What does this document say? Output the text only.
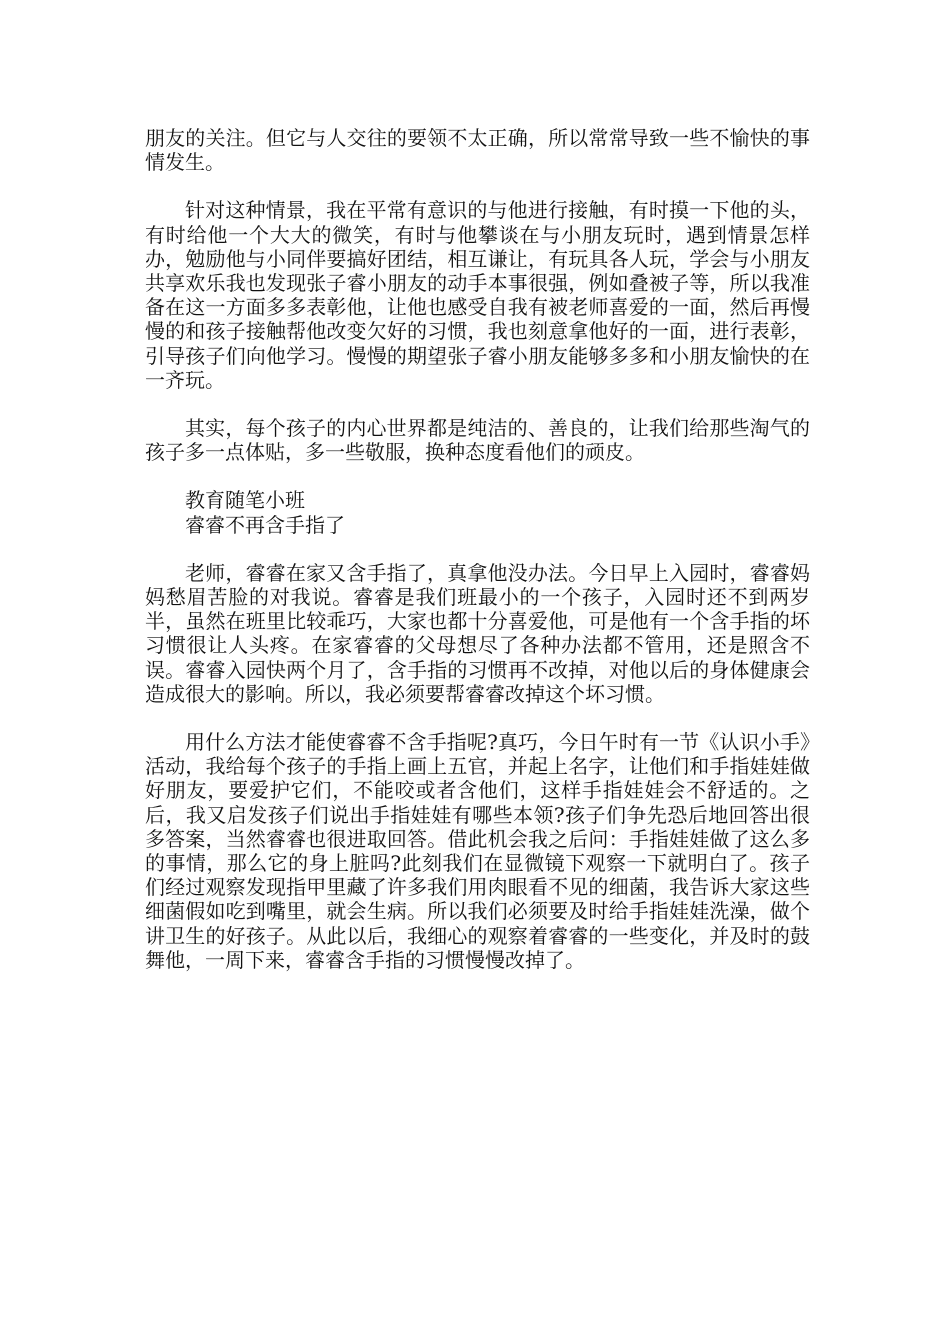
朋友的关注。但它与人交往的要领不太正确，所以常常导致一些不愉快的事情发生。

针对这种情景，我在平常有意识的与他进行接触，有时摸一下他的头，有时给他一个大大的微笑，有时与他攀谈在与小朋友玩时，遇到情景怎样办，勉励他与小同伴要搞好团结，相互谦让，有玩具各人玩，学会与小朋友共享欢乐我也发现张子睿小朋友的动手本事很强，例如叠被子等，所以我准备在这一方面多多表彰他，让他也感受自我有被老师喜爱的一面，然后再慢慢的和孩子接触帮他改变欠好的习惯，我也刻意拿他好的一面，进行表彰，引导孩子们向他学习。慢慢的期望张子睿小朋友能够多多和小朋友愉快的在一齐玩。

其实，每个孩子的内心世界都是纯洁的、善良的，让我们给那些淘气的孩子多一点体贴，多一些敬服，换种态度看他们的顽皮。

教育随笔小班

睿睿不再含手指了

老师，睿睿在家又含手指了，真拿他没办法。今日早上入园时，睿睿妈妈愁眉苦脸的对我说。睿睿是我们班最小的一个孩子，入园时还不到两岁半，虽然在班里比较乖巧，大家也都十分喜爱他，可是他有一个含手指的坏习惯很让人头疼。在家睿睿的父母想尽了各种办法都不管用，还是照含不误。睿睿入园快两个月了，含手指的习惯再不改掉，对他以后的身体健康会造成很大的影响。所以，我必须要帮睿睿改掉这个坏习惯。

用什么方法才能使睿睿不含手指呢?真巧，今日午时有一节《认识小手》活动，我给每个孩子的手指上画上五官，并起上名字，让他们和手指娃娃做好朋友，要爱护它们，不能咬或者含他们，这样手指娃娃会不舒适的。之后，我又启发孩子们说出手指娃娃有哪些本领?孩子们争先恐后地回答出很多答案，当然睿睿也很进取回答。借此机会我之后问：手指娃娃做了这么多的事情，那么它的身上脏吗?此刻我们在显微镜下观察一下就明白了。孩子们经过观察发现指甲里藏了许多我们用肉眼看不见的细菌，我告诉大家这些细菌假如吃到嘴里，就会生病。所以我们必须要及时给手指娃娃洗澡，做个讲卫生的好孩子。从此以后，我细心的观察着睿睿的一些变化，并及时的鼓舞他，一周下来，睿睿含手指的习惯慢慢改掉了。
